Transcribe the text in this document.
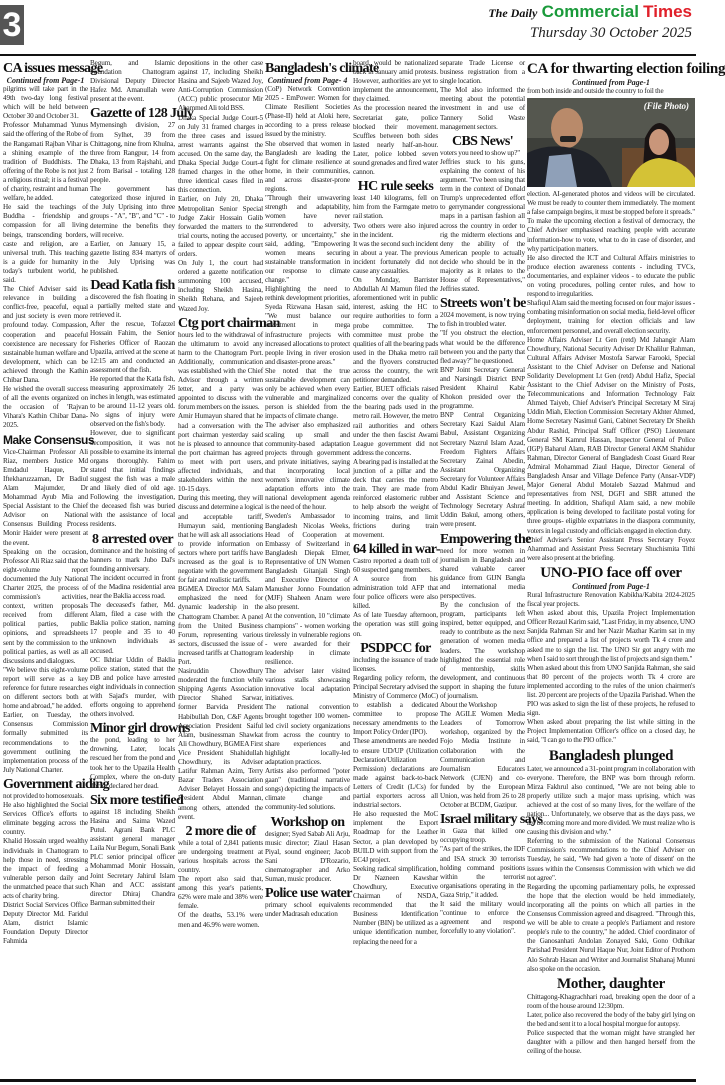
3	The Daily Commercial Times
Thursday 30 October 2025
CA issues message
Continued from Page-1

pilgrims will take part in the 49th two-day long festival which will be held between October 30 and October 31.

Professor Muhammad Yunus said the offering of the Robe of the Rangamati Rajban Vihar is a shining example of the tradition of Buddhists. The offering of the Robe is not just a religious ritual; it is a festival of charity, restraint and human welfare, he added.

He said the teachings of Buddha - friendship and compassion for all living beings, transcending borders, caste and religion, are a universal truth. This teaching is a guide for humanity in today's turbulent world, he said.

The Chief Adviser said its relevance in building a conflict-free, peaceful, equal and just society is even more profound today. Compassion, cooperation and peaceful coexistence are necessary for sustainable human welfare and development, which can be achieved through the Kathin Chibar Dana.

He wished the overall success of all the events organized on the occasion of 'Rajvan Vihara's Kathin Chibar Dana-2025.

Make Consensus

Vice-Chairman Professor Ali Riaz, members Justice Md Emdadul Haque, Dr Iftekharuzzaman, Dr Badiul Alam Majumder, Dr Mohammad Ayub Mia and Special Assistant to the Chief Advisor on National Consensus Building Process Monir Haider were present at the event.

Speaking on the occasion, Professor Ali Riaz said that the eight-volume report documented the July National Charter 2025, the process of commission's activities, context, written proposals received from different political parties, public opinions, and spreadsheets sent by the commission to the political parties, as well as all discussions and dialogues.

"We believe this eight-volume report will serve as a key reference for future researches on different sectors both at home and abroad," he added.

Earlier, on Tuesday, the Consensus Commission formally submitted its recommendations to the government outlining the implementation process of the July National Charter.

Government aiding

not provided to homosexuals.

He also highlighted the Social Services Office's efforts to eliminate begging across the country.

Khalid Hossain urged wealthy individuals in Chattogram to help those in need, stressing the impact of feeding a vulnerable person daily and the unmatched peace that such acts of charity bring.

District Social Services Office Deputy Director Md. Faridul Alam, district Islamic Foundation Deputy Director Fahmida

Begum, and Islamic Foundation Chattogram Divisional Deputy Director Hafez Md. Amanullah were present at the event.

Gazette of 128 July

Mymensingh division, 27 from Sylhet, 39 from Chittagong, nine from Khulna, three from Rangpur, 14 from Dhaka, 13 from Rajshahi, and 2 from Barisal - totaling 128 people.

The government has categorized those injured in the July Uprising into three groups - "A", "B", and "C" - to determine the benefits they will receive.

Earlier, on January 15, a gazette listing 834 martyrs of the July Uprising was published.

Dead Katla fish

discovered the fish floating in a partially melted state and retrieved it.

After the rescue, Tofazzel Hossain Fahim, the Senior Fisheries Officer of Raozan Upazila, arrived at the scene at 12:15 am and conducted an assessment of the fish.

He reported that the Katla fish, measuring approximately 26 inches in length, was estimated to be around 11-12 years old. No signs of injury were observed on the fish's body.

However, due to significant decomposition, it was not possible to examine its internal organs thoroughly. Fahim stated that initial findings suggest the fish was a male and likely died of old age. Following the investigation, the deceased fish was buried with the assistance of local residents.

8 arrested over

dominance and the hoisting of banners to mark Jubo Dal's founding anniversary.

The incident occurred in front of the Madina residential area near the Baklia access road.

The deceased's father, Md. Alam, filed a case with the Baklia police station, naming 17 people and 35 to 40 unknown individuals as accused.

OC Ikhtiar Uddin of Baklia police station, stated that the DB and police have arrested eight individuals in connection with Sajad's murder, with efforts ongoing to apprehend others involved.

Minor girl drowns

the pond, leading to her drowning. Later, locals rescued her from the pond and took her to the Upazila Health Complex, where the on-duty doctor declared her dead.

Six more testified

against 18 including Sheikh Hasina and Saima Wazed Putul. Agrani Bank PLC assistant general manager Laila Nur Begum, Sonali Bank PLC senior principal officer Mohammad Monir Hossain, Joint Secretary Jahirul Islam Khan and ACC assistant director Dhiraj Chandra Barman submitted their

depositions in the other case against 17, including Sheikh Hasina and Sajeeb Wazed Joy, Anti-Corruption Commission (ACC) public prosecutor Mir Ahammed Ali told BSS.

Dhaka Special Judge Court-5 on July 31 framed charges in the three cases and issued arrest warrants against the accused. On the same day, the Dhaka Special Judge Court-4 framed charges in the other three identical cases filed in this connection.

Earlier, on July 20, Dhaka Metropolitan Senior Special Judge Zakir Hossain Galib forwarded the matters to the trial courts, noting the accused failed to appear despite court orders.

On July 1, the court had ordered a gazette notification summoning 100 accused, including Sheikh Hasina, Sheikh Rehana, and Sajeeb Wazed Joy.

Ctg port chairman

hours led to the withdrawal of the ultimatum to avoid any harm to the Chattogram Port. Additionally, communication was established with the Chief Advisor through a written letter, and a party was appointed to discuss with the forum members on the issues.

Amir Humayun shared that he had a conversation with the port chairman yesterday said he is pleased to announce that the port chairman has agreed to meet with port users, affected individuals, and stakeholders within the next 10-15 days.

During this meeting, they will discuss and determine a logical and acceptable tariff, Humayun said, mentioning that he will ask all associations to provide information on sectors where port tariffs have increased as the goal is to negotiate with the government for fair and realistic tariffs.

BGMEA Director MA Salam emphasized the need for dynamic leadership in the Chattogram Chamber. A panel from the United Business Forum, representing various sectors, discussed the issue of increased tariffs at Chattogram Port.

Nasiruddin Chowdhury moderated the function while Shipping Agents Association Director Shahed Sarwar, former Barvida President Habibullah Don, C&F Agents Association President Saiful Alam, businessman Shawkat Ali Chowdhury, BGMEA First Vice President Shahidullah Chowdhury, its Adviser Latifur Rahman Azim, Terry Bazar Traders Association Adviser Belayet Hossain and President Abdul Mannan, among others, attended the event.

2 more die of

while a total of 2,841 patients are undergoing treatment at various hospitals across the country.

The report also said that, among this year's patients, 62% were male and 38% were female.

Of the deaths, 53.1% were men and 46.9% were women.

Bangladesh's climate
Continued from Page- 4

(CoP) Network Convention 2025 - EmPower: Women for Climate Resilient Societies (Phase-II) held at Aloki here, according to a press release issued by the ministry.

She observed that women in Bangladesh are leading the fight for climate resilience at home, in their communities, and across disaster-prone regions.

"Through their unwavering strength and adaptability, women have never surrendered to adversity, poverty, or uncertainty," she said, adding, "Empowering women means securing sustainable transformation in our response to climate change."

Highlighting the need to rethink development priorities, Syeda Rizwana Hasan said, "We must balance our investment in mega infrastructure projects with increased allocations to protect people living in river erosion and disaster-prone areas."

She noted that the true sustainable development can only be achieved when every vulnerable and marginalized person is shielded from the impacts of climate change.

The adviser also emphasized scaling up small and community-based adaptation projects through government and private initiatives, saying that incorporating local women's innovative climate adaptation efforts into the national development agenda is the need of the hour.

Sweden's Ambassador to Bangladesh Nicolas Weeks, Head of Cooperation at Embassy of Switzerland in Bangladesh Diepak Elmer, Representative of UN Women Bangladesh Gitanjali Singh and Executive Director of Manusher Jonno Foundation (MJF) Shaheen Anam were also present.

At the convention, 10 "climate champions" - women working tirelessly in vulnerable regions - were awarded for their leadership in climate resilience.

The adviser later visited various stalls showcasing innovative local adaptation initiatives.

The national convention brought together 100 women-led civil society organizations from across the country to share experiences and highlight locally-led adaptation practices.

Artists also performed "poter gaan" (traditional narrative songs) depicting the impacts of climate change and community-led solutions.

Workshop on

designer; Syed Sabab Ali Arju, music director; Ziaul Hasan Piyal, sound engineer; Jacob Sani D'Rozario, cinematographer and Arko Suman, music producer.

Police use water

primary school equivalents under Madrasah education

board, would be nationalized back in January amid protests. However, authorities are yet to implement the announcement, they claimed.

As the procession neared the Secretariat gate, police blocked their movement. Scuffles between both sides lasted nearly half-an-hour. Later, police lobbed seven sound grenades and fired water cannon.

HC rule seeks

least 140 kilograms, fell on him from the Farmgate metro rail station.

Two others were also injured in the incident.

It was the second such incident in about a year. The previous incident fortunately did not cause any casualties.

On Monday, Barrister Abdullah Al Mamun filed the aforementioned writ in public interest, asking the HC to require authorities to form a probe committee. The committee must probe the qualities of all the bearing pads used in the Dhaka metro rail and the flyovers constructed across the country, the writ petitioner demanded.

Earlier, BUET officials raised concerns over the quality of the bearing pads used in the metro rail. However, the metro rail authorities and others under the then fascist Awami League government did not address the concerns.

A bearing pad is installed at the junction of a pillar and the deck that carries the metro train. They are made from reinforced elastomeric rubber to help absorb the weight of incoming trains, and limit frictions during train movement.

64 killed in war-

Castro reported a death toll of 60 suspected gang members.

A source from his administration told AFP that four police officers were also killed.

As of late Tuesday afternoon, the operation was still going on.

PSDPCC for

including the issuance of trade licenses.

Regarding policy reform, the Principal Secretary advised the Ministry of Commerce (MoC) to establish a dedicated committee to propose necessary amendments to the Import Policy Order (IPO).

These amendments are needed to ensure UD/UP (Utilization Declaration/Utilization Permission) declarations are made against back-to-back Letters of Credit (L/Cs) for partial exporters across all industrial sectors.

He also requested the MoC implement the Export Roadmap for the Leather Sector, a plan developed by BUILD with support from the EC4J project.

Seeking radical simplification, Dr Nazneen Kawshar Chowdhury, Executive Chairman of NSDA, recommended that the Business Identification Number (BIN) be utilized as a unique identification number, replacing the need for a

separate Trade License or business registration from a single location.

The MoI also informed the meeting about the potential investment in and use of Tannery Solid Waste management sectors.

CBS News'

voters you need to show up?"

Jeffries stuck to his guns, explaining the context of his argument. "I've been using that term in the context of Donald Trump's unprecedented effort to gerrymander congressional maps in a partisan fashion all across the country in order to rig the midterm elections and deny the ability of the American people to actually decide who should be in the majority as it relates to the House of Representatives," Jeffries stated.

Streets won't be

2024 movement, is now trying to fish in troubled water.

"If you obstruct the election, what would be the difference between you and the party that fled away?" he questioned.

BNP Joint Secretary General and Narsingdi District BNP President Khairul Kabir Khokon presided over the programme.

BNP Central Organizing Secretary Kazi Saidul Alam Babul, Assistant Organizing Secretary Nazrul Islam Azad, Freedom Fighters Affairs Secretary Zainal Abedin, Assistant Organizing Secretary for Volunteer Affairs Abdul Kadir Bhuiyan Jewel, and Assistant Science and Technology Secretary Ashraf Uddin Bakul, among others, were present.

Empowering the

need for more women in journalism in Bangladesh and shared valuable career guidance from GIJN Bangla and international media perspectives.

By the conclusion of the program, participants left inspired, better equipped, and ready to contribute as the next generation of women media leaders. The workshop highlighted the essential role of mentorship, skills development, and continuous support in shaping the future of journalism.

About the Workshop

The AGILE Women Media Leaders of Tomorrow workshop, organized by the Fojo Media Institute in collaboration with the Communication and Journalism Educators Network (CJEN) and co-funded by the European Union, was held from 26 to 28 October at BCDM, Gazipur.

Israel military says

in Gaza that killed one occupying troop.

"As part of the strikes, the IDF and ISA struck 30 terrorists holding command positions within the terrorist organisations operating in the Gaza Strip," it added.

It said the military would "continue to enforce the agreement and respond forcefully to any violation".

CA for thwarting election foiling
Continued from Page-1

from both inside and outside the country to foil the

(File Photo)

election. AI-generated photos and videos will be circulated. We must be ready to counter them immediately. The moment a false campaign begins, it must be stopped before it spreads." To make the upcoming election a festival of democracy, the Chief Adviser emphasised reaching people with accurate information-how to vote, what to do in case of disorder, and why participation matters.

He also directed the ICT and Cultural Affairs ministries to produce election awareness contents - including TVCs, documentaries, and explainer videos - to educate the public on voting procedures, polling center rules, and how to respond to irregularities.

Shafiqul Alam said the meeting focused on four major issues - combating misinformation on social media, field-level officer deployment, training for election officials and law enforcement personnel, and overall election security.

Home Affairs Adviser Lt Gen (retd) Md Jahangir Alam Chowdhury, National Security Adviser Dr Khalilur Rahman, Cultural Affairs Adviser Mostofa Sarwar Farooki, Special Assistant to the Chief Adviser on Defense and National Solidarity Development Lt Gen (retd) Abdul Hafiz, Special Assistant to the Chief Adviser on the Ministry of Posts, Telecommunications and Information Technology Faiz Ahmed Taiyeb, Chief Adviser's Principal Secretary M Siraj Uddin Miah, Election Commission Secretary Akhter Ahmed, Home Secretary Nasimul Gani, Cabinet Secretary Dr Sheikh Abdur Rashid, Principal Staff Officer (PSO) Lieutenant General SM Kamrul Hassan, Inspector General of Police (IGP) Baharul Alam, RAB Director General AKM Shahidur Rahman, Director General of Bangladesh Coast Guard Rear Admiral Mohammad Ziaul Haque, Director General of Bangladesh Ansar and Village Defence Party (Ansar-VDP) Major General Abdul Motaleb Sazzad Mahmud and representatives from NSI, DGFI and SBR attuned the meeting. In addition, Shafiqul Alam said, a new mobile application is being developed to facilitate postal voting for three groups- eligible expatriates in the diaspora community, voters in legal custody and officials engaged in election duty.

Chief Adviser's Senior Assistant Press Secretary Foyez Ahammad and Assistant Press Secretary Shuchismita Tithi were also present at the briefing.

UNO-PIO face off over
Continued from Page-1

Rural Infrastructure Renovation Kabikha/Kabita 2024-2025 fiscal year projects.

When asked about this, Upazila Project Implementation Officer Rezaul Karim said, "Last Friday, in my absence, UNO Sanjida Rahman Sir and her Nazir Mazhar Karim sat in my office and prepared a list of projects worth Tk 4 crore and asked me to sign the list. The UNO Sir got angry with me when I said to sort through the list of projects and sign them."

When asked about this from UNO Sanjida Rahman, she said that 80 percent of the projects worth Tk 4 crore are implemented according to the rules of the union chairmen's list. 20 percent are projects of the Upazila Parishad. When the PIO was asked to sign the list of these projects, he refused to sign.

When asked about preparing the list while sitting in the Project Implementation Officer's office on a closed day, he said, "I can go to the PIO office."

Bangladesh plunged

Later, we announced a 31-point program in collaboration with everyone. Therefore, the BNP was born through reform. Mirza Fakhrul also continued, "We are not being able to properly utilize such a major mass uprising, which was achieved at the cost of so many lives, for the welfare of the nation... Unfortunately, we observe that as the days pass, we are becoming more and more divided. We must realize who is causing this division and why."

Referring to the submission of the National Consensus Commission's recommendations to the Chief Adviser on Tuesday, he said, "We had given a 'note of dissent' on the issues within the Consensus Commission with which we did not agree".

Regarding the upcoming parliamentary polls, he expressed the hope that the election would be held immediately, incorporating all the points on which all parties in the Consensus Commission agreed and disagreed. "Through this, we will be able to create a people's Parliament and restore people's rule to the country," he added. Chief coordinator of the Ganosanhati Andolan Zonayed Saki, Gono Odhikar Parishad President Nurul Haque Nur, Joint Editor of Prothom Alo Sohrab Hasan and Writer and Journalist Shahanaj Munni also spoke on the occasion.

Mother, daughter

Chittagong-Khagrachhari road, breaking open the door of a room of the house around 12:30pm.

Later, police also recovered the body of the baby girl lying on the bed and sent it to a local hospital morgue for autopsy.

Police suspected that the woman might have strangled her daughter with a pillow and then hanged herself from the ceiling of the house.
